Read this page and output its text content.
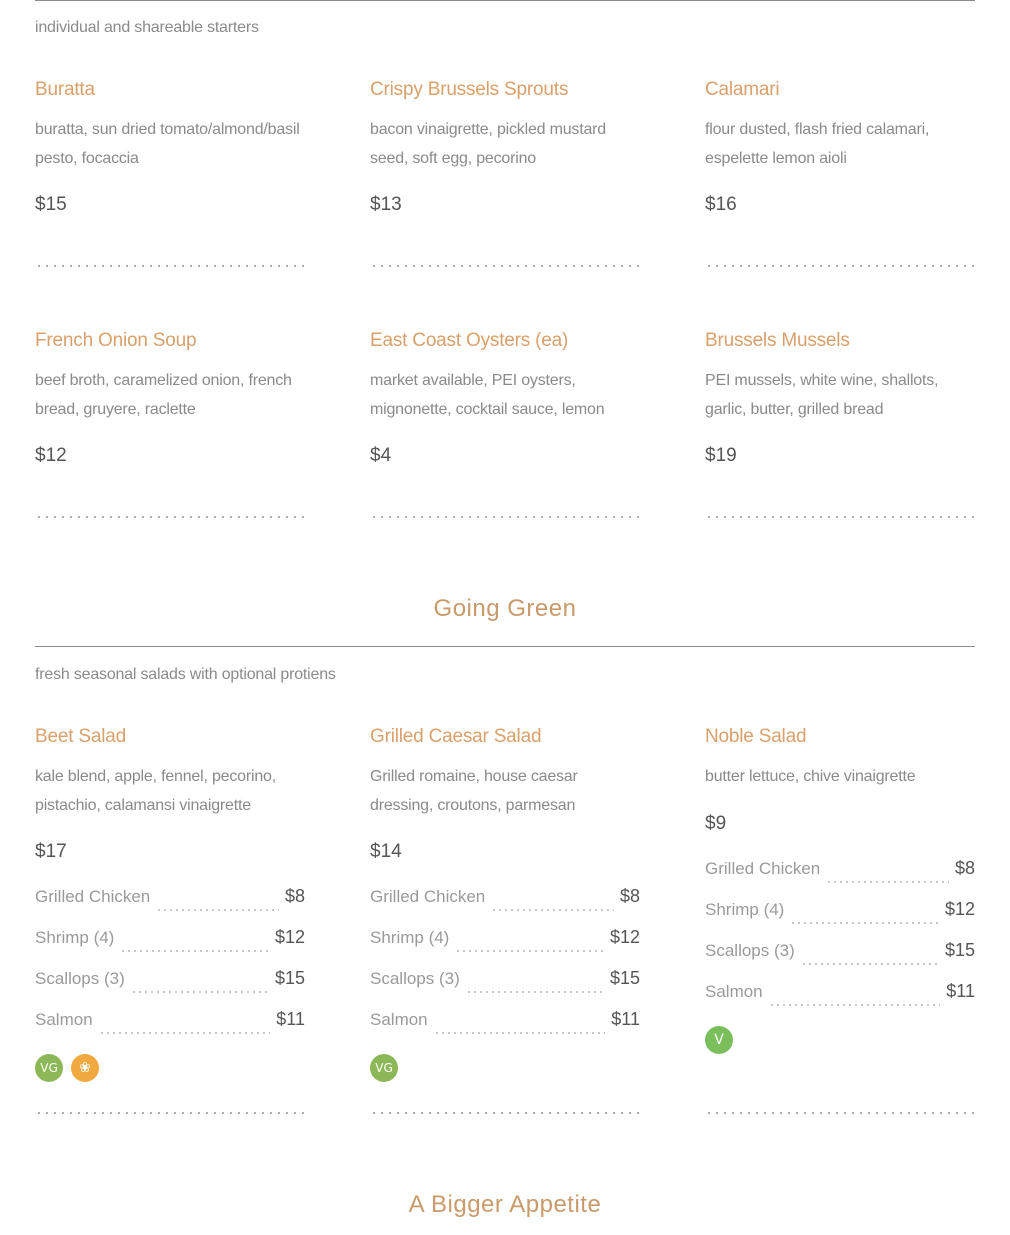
individual and shareable starters
Buratta
buratta, sun dried tomato/almond/basil pesto, focaccia
$15
Crispy Brussels Sprouts
bacon vinaigrette, pickled mustard seed, soft egg, pecorino
$13
Calamari
flour dusted, flash fried calamari, espelette lemon aioli
$16
French Onion Soup
beef broth, caramelized onion, french bread, gruyere, raclette
$12
East Coast Oysters (ea)
market available, PEI oysters, mignonette, cocktail sauce, lemon
$4
Brussels Mussels
PEI mussels, white wine, shallots, garlic, butter, grilled bread
$19
Going Green
fresh seasonal salads with optional protiens
Beet Salad
kale blend, apple, fennel, pecorino, pistachio, calamansi vinaigrette
$17
Grilled Chicken	$8
Shrimp (4)	$12
Scallops (3)	$15
Salmon	$11
VG	❀
Grilled Caesar Salad
Grilled romaine, house caesar dressing, croutons, parmesan
$14
Grilled Chicken	$8
Shrimp (4)	$12
Scallops (3)	$15
Salmon	$11
VG
Noble Salad
butter lettuce, chive vinaigrette
$9
Grilled Chicken	$8
Shrimp (4)	$12
Scallops (3)	$15
Salmon	$11
V
A Bigger Appetite
